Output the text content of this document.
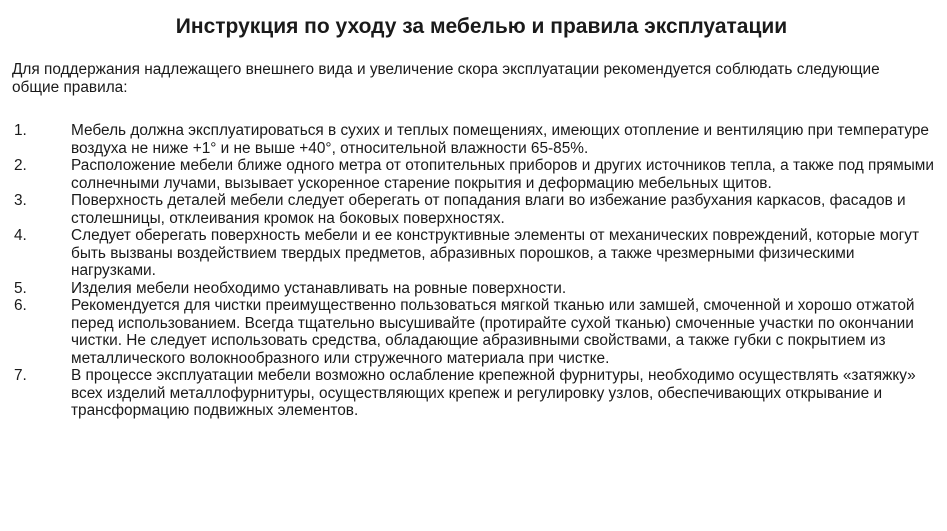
Инструкция по уходу за мебелью и правила эксплуатации

Для поддержания надлежащего внешнего вида и увеличение скора эксплуатации рекомендуется соблюдать следующие общие правила:

1.	Мебель должна эксплуатироваться в сухих и теплых помещениях, имеющих отопление и вентиляцию при температуре воздуха не ниже +1° и не выше +40°, относительной влажности 65-85%.
2.	Расположение мебели ближе одного метра от отопительных приборов и других источников тепла, а также под прямыми солнечными лучами, вызывает ускоренное старение покрытия и деформацию мебельных щитов.
3.	Поверхность деталей мебели следует оберегать от попадания влаги во избежание разбухания каркасов, фасадов и столешницы, отклеивания кромок на боковых поверхностях.
4.	Следует оберегать поверхность мебели и ее конструктивные элементы от механических повреждений, которые могут быть вызваны воздействием твердых предметов, абразивных порошков, а также чрезмерными физическими нагрузками.
5.	Изделия мебели необходимо устанавливать на ровные поверхности.
6.	Рекомендуется для чистки преимущественно пользоваться мягкой тканью или замшей, смоченной и хорошо отжатой перед использованием. Всегда тщательно высушивайте (протирайте сухой тканью) смоченные участки по окончании чистки. Не следует использовать средства, обладающие абразивными свойствами, а также губки с покрытием из металлического волокнообразного или стружечного материала при чистке.
7.	В процессе эксплуатации мебели возможно ослабление крепежной фурнитуры, необходимо осуществлять «затяжку» всех изделий металлофурнитуры, осуществляющих крепеж и регулировку узлов, обеспечивающих открывание и трансформацию подвижных элементов.
